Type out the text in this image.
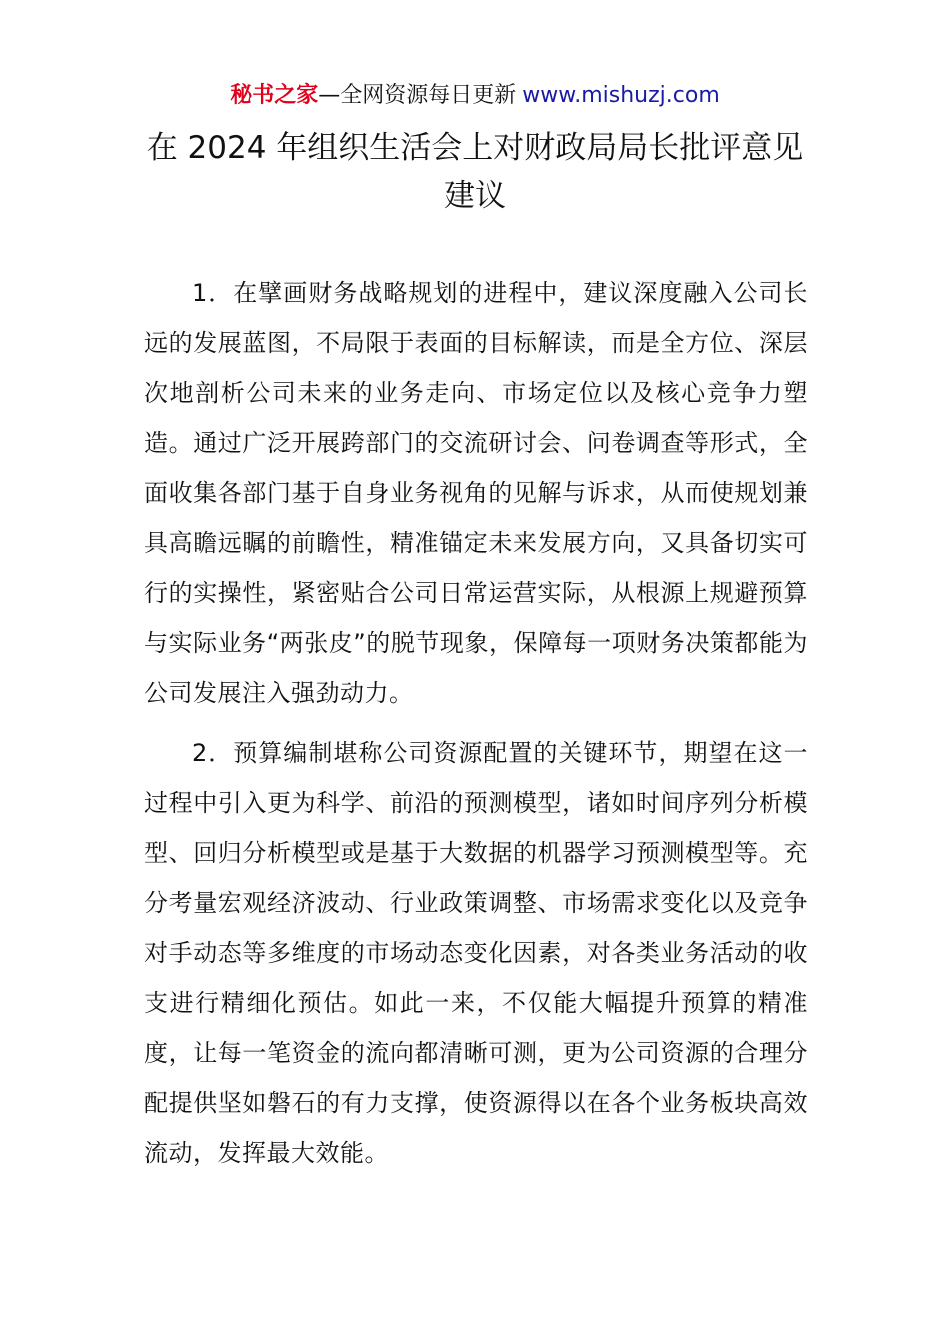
秘书之家—全网资源每日更新 www.mishuzj.com
在 2024 年组织生活会上对财政局局长批评意见建议

1．在擘画财务战略规划的进程中，建议深度融入公司长远的发展蓝图，不局限于表面的目标解读，而是全方位、深层次地剖析公司未来的业务走向、市场定位以及核心竞争力塑造。通过广泛开展跨部门的交流研讨会、问卷调查等形式，全面收集各部门基于自身业务视角的见解与诉求，从而使规划兼具高瞻远瞩的前瞻性，精准锚定未来发展方向，又具备切实可行的实操性，紧密贴合公司日常运营实际，从根源上规避预算与实际业务“两张皮”的脱节现象，保障每一项财务决策都能为公司发展注入强劲动力。

2．预算编制堪称公司资源配置的关键环节，期望在这一过程中引入更为科学、前沿的预测模型，诸如时间序列分析模型、回归分析模型或是基于大数据的机器学习预测模型等。充分考量宏观经济波动、行业政策调整、市场需求变化以及竞争对手动态等多维度的市场动态变化因素，对各类业务活动的收支进行精细化预估。如此一来，不仅能大幅提升预算的精准度，让每一笔资金的流向都清晰可测，更为公司资源的合理分配提供坚如磐石的有力支撑，使资源得以在各个业务板块高效流动，发挥最大效能。
